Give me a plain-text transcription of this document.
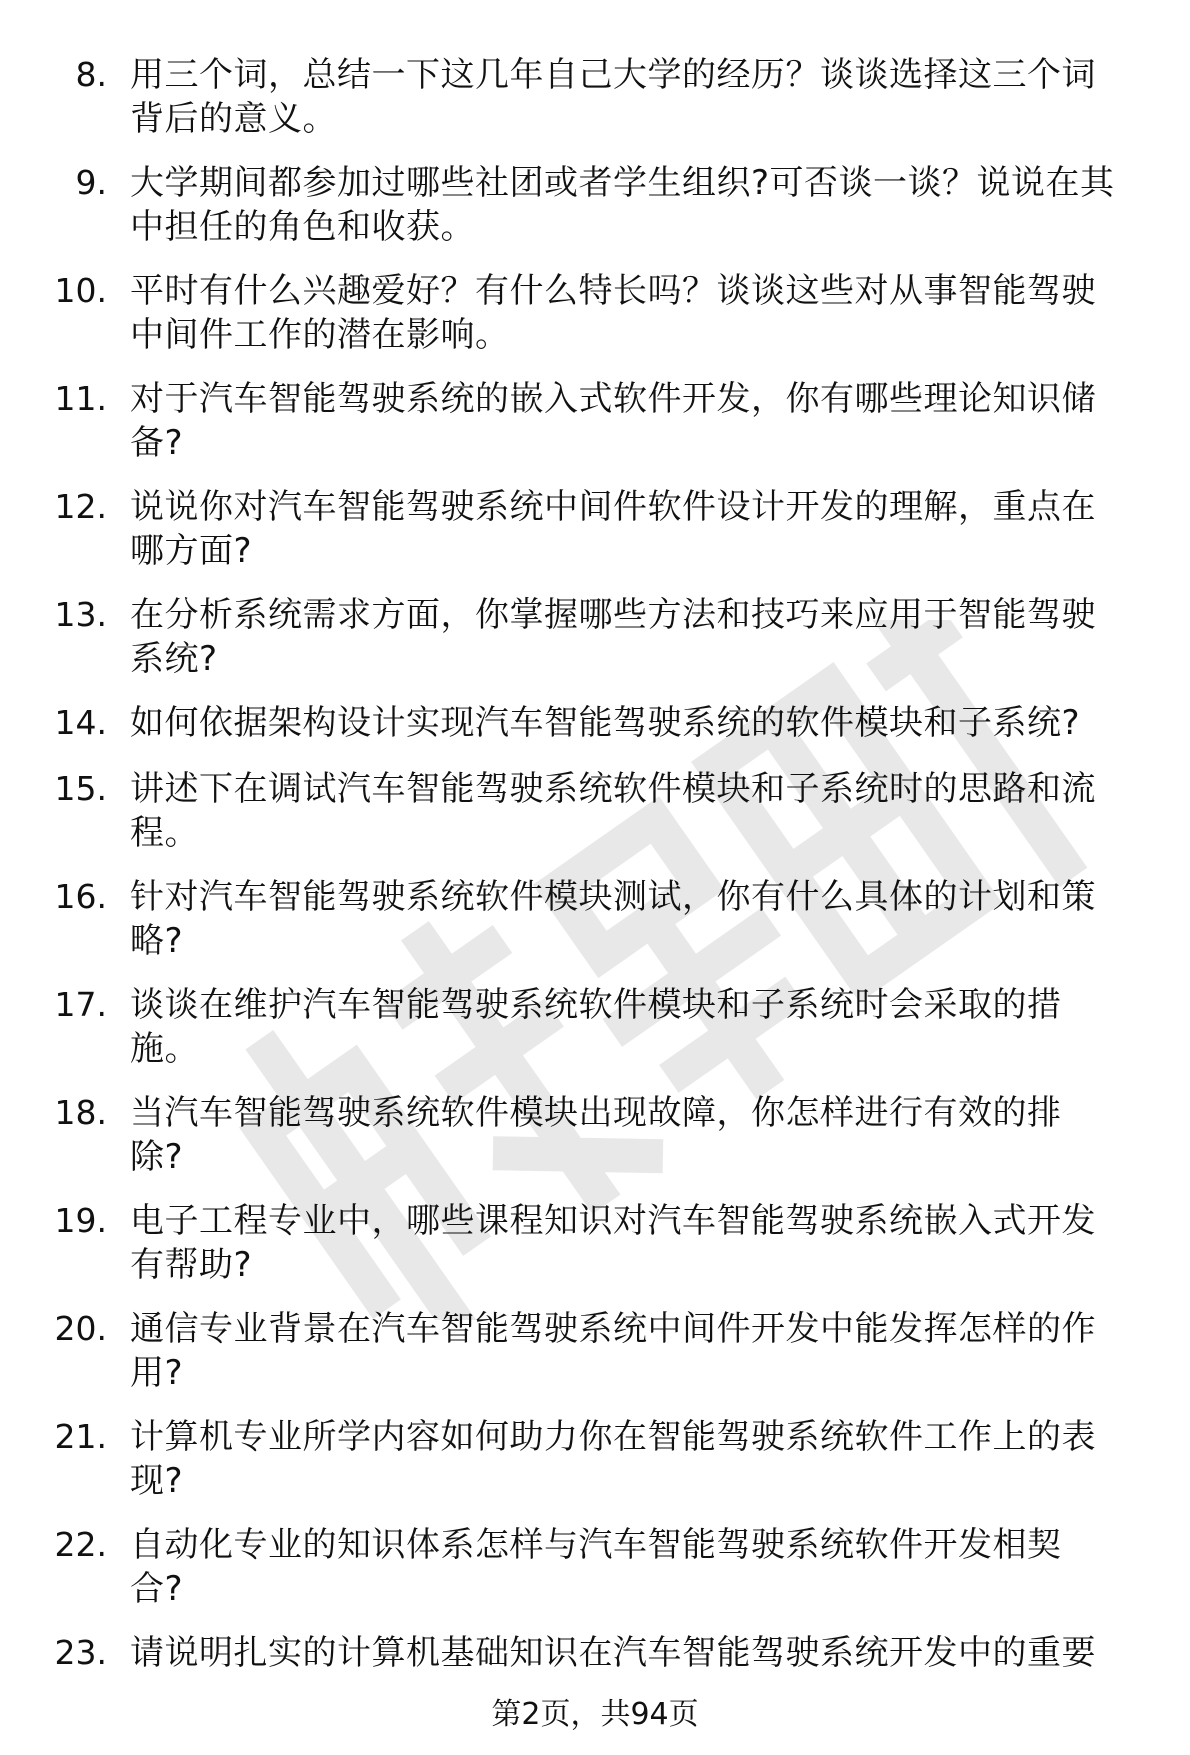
8. 用三个词，总结一下这几年自己大学的经历？谈谈选择这三个词
背后的意义。
9. 大学期间都参加过哪些社团或者学生组织?可否谈一谈？说说在其
中担任的角色和收获。
10. 平时有什么兴趣爱好？有什么特长吗？谈谈这些对从事智能驾驶
中间件工作的潜在影响。
11. 对于汽车智能驾驶系统的嵌入式软件开发，你有哪些理论知识储
备?
12. 说说你对汽车智能驾驶系统中间件软件设计开发的理解，重点在
哪方面?
13. 在分析系统需求方面，你掌握哪些方法和技巧来应用于智能驾驶
系统?
14. 如何依据架构设计实现汽车智能驾驶系统的软件模块和子系统?
15. 讲述下在调试汽车智能驾驶系统软件模块和子系统时的思路和流
程。
16. 针对汽车智能驾驶系统软件模块测试，你有什么具体的计划和策
略?
17. 谈谈在维护汽车智能驾驶系统软件模块和子系统时会采取的措
施。
18. 当汽车智能驾驶系统软件模块出现故障，你怎样进行有效的排
除?
19. 电子工程专业中，哪些课程知识对汽车智能驾驶系统嵌入式开发
有帮助?
20. 通信专业背景在汽车智能驾驶系统中间件开发中能发挥怎样的作
用?
21. 计算机专业所学内容如何助力你在智能驾驶系统软件工作上的表
现?
22. 自动化专业的知识体系怎样与汽车智能驾驶系统软件开发相契
合?
23. 请说明扎实的计算机基础知识在汽车智能驾驶系统开发中的重要
第2页，共94页
